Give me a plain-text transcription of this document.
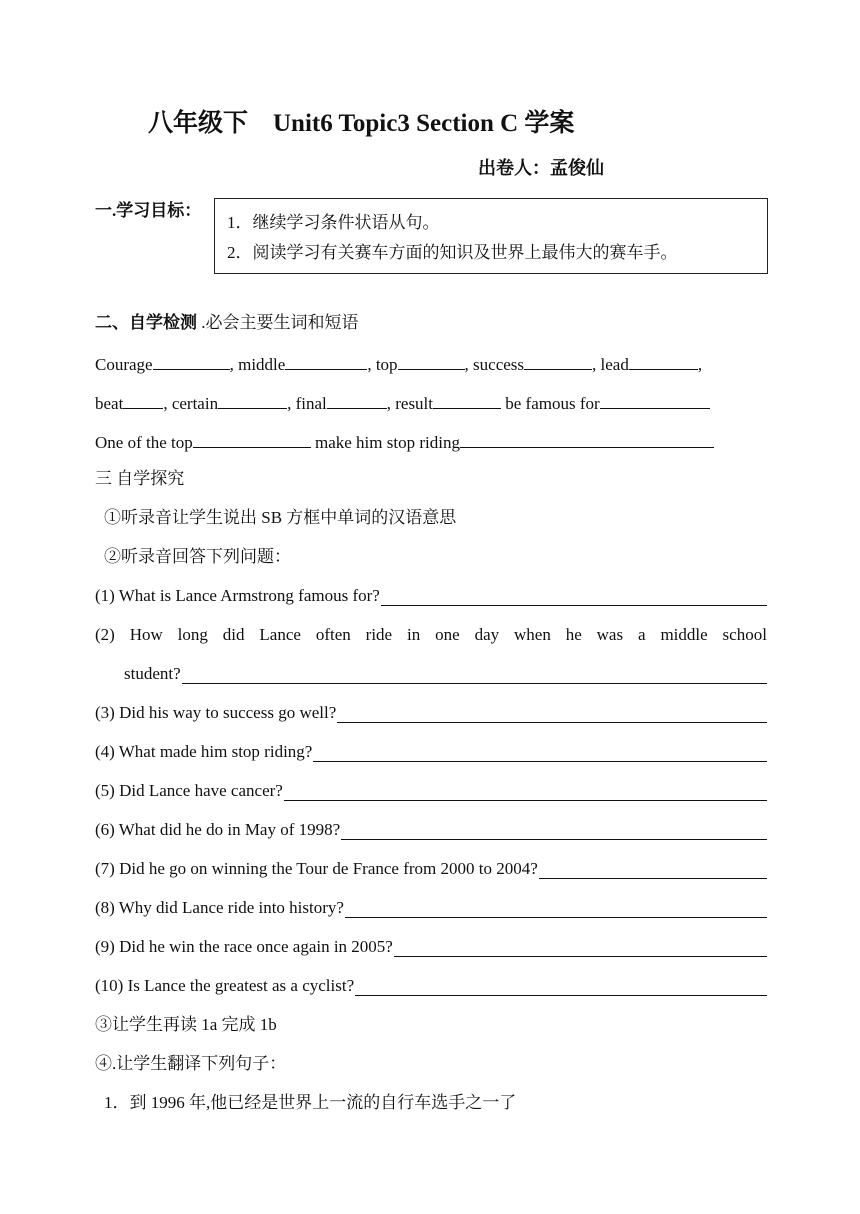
八年级下    Unit6 Topic3 Section C 学案
出卷人：孟俊仙
一.学习目标：
1．继续学习条件状语从句。
2．阅读学习有关赛车方面的知识及世界上最伟大的赛车手。
二、自学检测 .必会主要生词和短语
Courage	, middle	, top	, success	, lead	,
beat , certain	, final	, result	be famous for
One of the top	make him stop riding
三 自学探究
①听录音让学生说出 SB 方框中单词的汉语意思
②听录音回答下列问题：
(1) What is Lance Armstrong famous for?
(2) How long did Lance often ride in one day when he was a middle school
student?
(3) Did his way to success go well?
(4) What made him stop riding?
(5) Did Lance have cancer?
(6) What did he do in May of 1998?
(7) Did he go on winning the Tour de France from 2000 to 2004?
(8) Why did Lance ride into history?
(9) Did he win the race once again in 2005?
(10) Is Lance the greatest as a cyclist?
③让学生再读 1a 完成 1b
④.让学生翻译下列句子：
1．到 1996 年,他已经是世界上一流的自行车选手之一了
